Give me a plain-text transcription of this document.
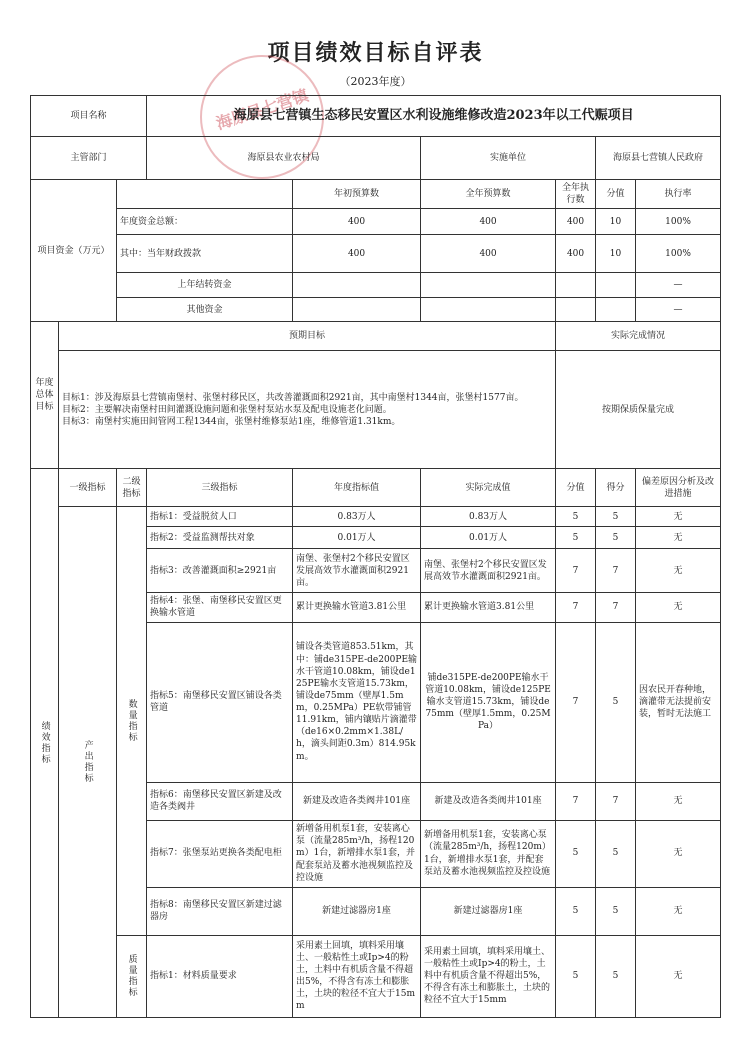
项目绩效目标自评表
（2023年度）
海原县七营镇
项目名称			海原县七营镇生态移民安置区水利设施维修改造2023年以工代赈项目					
主管部门			海原县农业农村局		实施单位		海原县七营镇人民政府	
项目资金（万元）				年初预算数	全年预算数	全年执行数	分值	执行率
		年度资金总额：		400	400	400	10	100%
		其中：当年财政拨款		400	400	400	10	100%
		上年结转资金						—
		其他资金						—
年度总体目标	预期目标					实际完成情况		

	目标1：涉及海原县七营镇南堡村、张堡村移民区，共改善灌溉面积2921亩，其中南堡村1344亩，张堡村1577亩。
目标2：主要解决南堡村田间灌溉设施问题和张堡村泵站水泵及配电设施老化问题。
目标3：南堡村实施田间管网工程1344亩，张堡村维修泵站1座，维修管道1.31km。					按期保质保量完成		
绩效指标	一级指标	二级指标	三级指标	年度指标值	实际完成值	分值	得分	偏差原因分析及改进措施
	产出指标	数量指标	指标1：受益脱贫人口	0.83万人	0.83万人	5	5	无
			指标2：受益监测帮扶对象	0.01万人	0.01万人	5	5	无
			指标3：改善灌溉面积≥2921亩	南堡、张堡村2个移民安置区发展高效节水灌溉面积2921亩。	南堡、张堡村2个移民安置区发展高效节水灌溉面积2921亩。	7	7	无
			指标4：张堡、南堡移民安置区更换输水管道	累计更换输水管道3.81公里	累计更换输水管道3.81公里	7	7	无
			指标5：南堡移民安置区铺设各类管道	铺设各类管道853.51km，其中：铺de315PE-de200PE输水干管道10.08km，铺设de125PE输水支管道15.73km，铺设de75mm（壁厚1.5mm，0.25MPa）PE软带铺管11.91km，铺内镶贴片滴灌带（de16×0.2mm×1.38L/h，滴头间距0.3m）814.95km。	铺de315PE-de200PE输水干管道10.08km，铺设de125PE输水支管道15.73km，铺设de75mm（壁厚1.5mm，0.25MPa）	7	5	因农民开春种地，滴灌带无法提前安装，暂时无法施工
			指标6：南堡移民安置区新建及改造各类阀井	新建及改造各类阀井101座	新建及改造各类阀井101座	7	7	无
			指标7：张堡泵站更换各类配电柜	新增备用机泵1套，安装离心泵（流量285m³/h，扬程120m）1台，新增排水泵1套，并配套泵站及蓄水池视频监控及控设施	新增备用机泵1套，安装离心泵（流量285m³/h，扬程120m）1台，新增排水泵1套，并配套泵站及蓄水池视频监控及控设施	5	5	无
			指标8：南堡移民安置区新建过滤器房	新建过滤器房1座	新建过滤器房1座	5	5	无
		质量指标	指标1：材料质量要求	采用素土回填，填料采用壤土、一般粘性土或Ip>4的粉土，土料中有机质含量不得超出5%，不得含有冻土和膨胀土，土块的粒径不宜大于15mm	采用素土回填，填料采用壤土、一般粘性土或Ip>4的粉土，土料中有机质含量不得超出5%，不得含有冻土和膨胀土，土块的粒径不宜大于15mm	5	5	无
